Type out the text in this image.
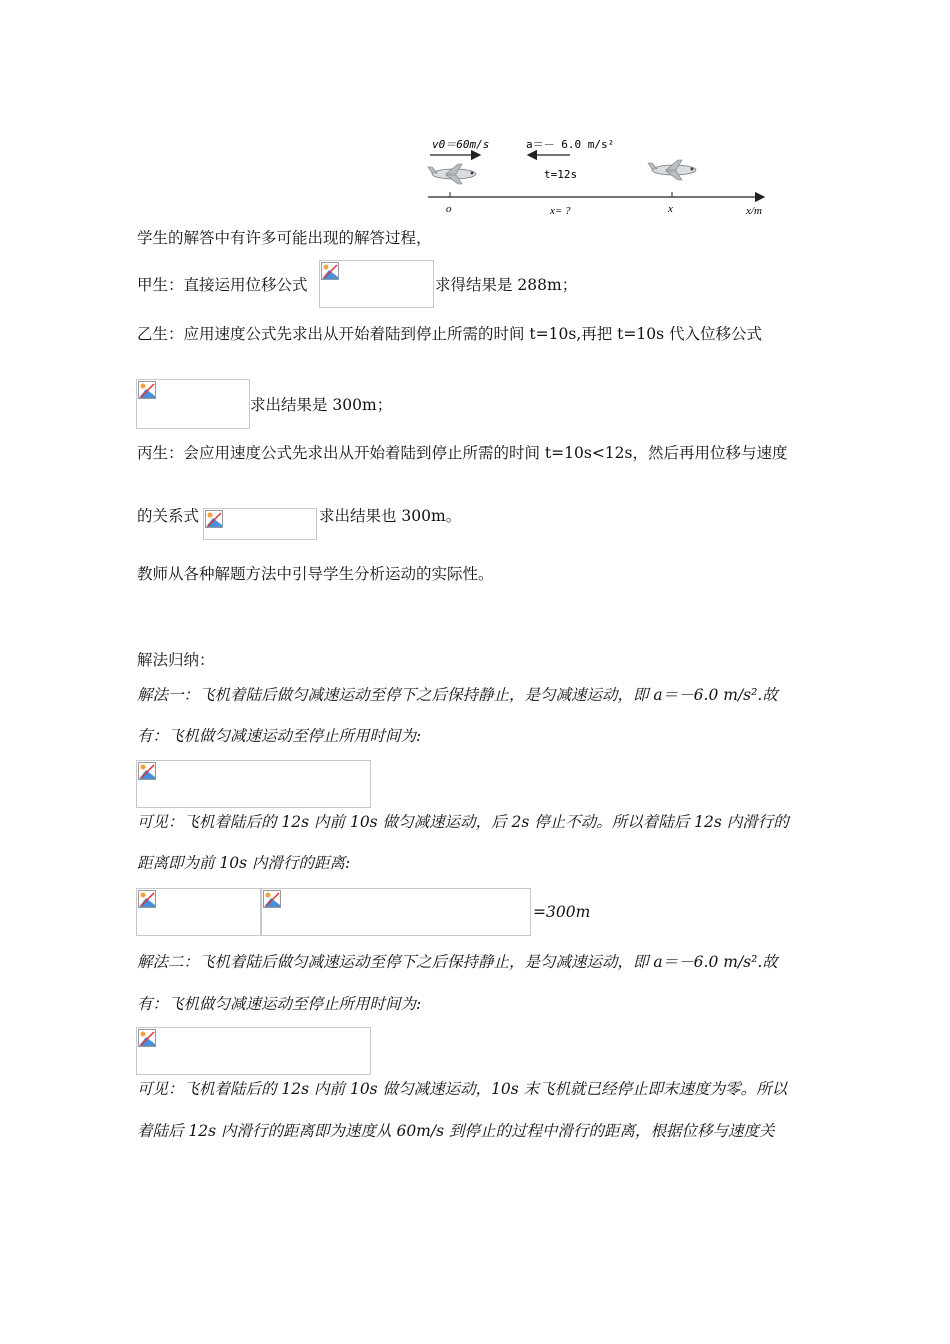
v0＝60m/s	a＝－ 6.0 m/s²
t=12s
o	x= ?	x	x/m
学生的解答中有许多可能出现的解答过程，
甲生：直接运用位移公式	求得结果是 288m；
乙生：应用速度公式先求出从开始着陆到停止所需的时间 t=10s,再把 t=10s 代入位移公式
求出结果是 300m；
丙生：会应用速度公式先求出从开始着陆到停止所需的时间 t=10s<12s，然后再用位移与速度
的关系式	求出结果也 300m。
教师从各种解题方法中引导学生分析运动的实际性。
解法归纳：
解法一：飞机着陆后做匀减速运动至停下之后保持静止，是匀减速运动，即 a＝－6.0 m/s².故
有：飞机做匀减速运动至停止所用时间为:
可见：飞机着陆后的 12s 内前 10s 做匀减速运动，后 2s 停止不动。所以着陆后 12s 内滑行的
距离即为前 10s 内滑行的距离:
=300m
解法二：飞机着陆后做匀减速运动至停下之后保持静止，是匀减速运动，即 a＝－6.0 m/s².故
有：飞机做匀减速运动至停止所用时间为:
可见：飞机着陆后的 12s 内前 10s 做匀减速运动，10s 末飞机就已经停止即末速度为零。所以
着陆后 12s 内滑行的距离即为速度从 60m/s 到停止的过程中滑行的距离，根据位移与速度关
